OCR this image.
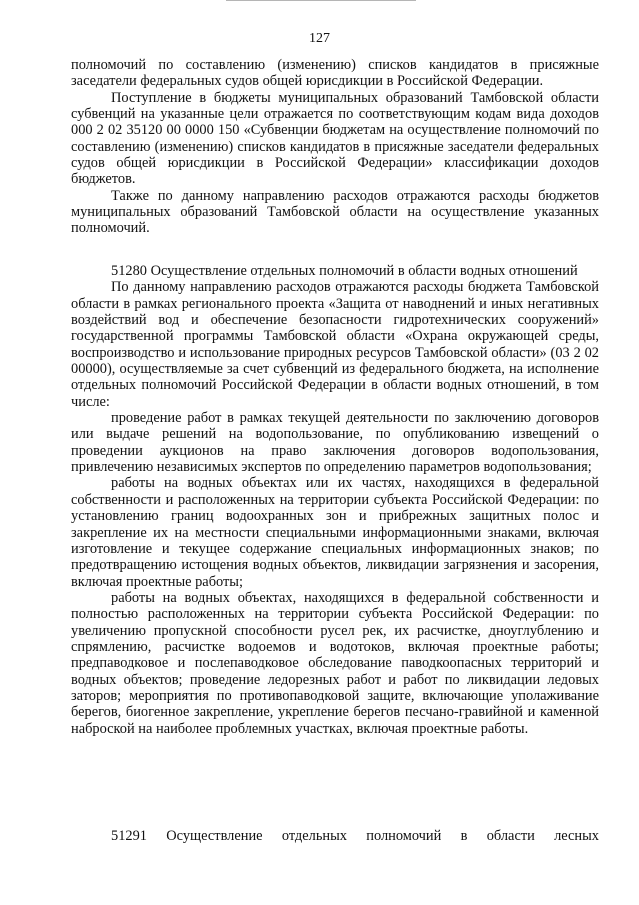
127

полномочий по составлению (изменению) списков кандидатов в присяжные заседатели федеральных судов общей юрисдикции в Российской Федерации.

Поступление в бюджеты муниципальных образований Тамбовской области субвенций на указанные цели отражается по соответствующим кодам вида доходов 000 2 02 35120 00 0000 150 «Субвенции бюджетам на осуществление полномочий по составлению (изменению) списков кандидатов в присяжные заседатели федеральных судов общей юрисдикции в Российской Федерации» классификации доходов бюджетов.

Также по данному направлению расходов отражаются расходы бюджетов муниципальных образований Тамбовской области на осуществление указанных полномочий.

51280 Осуществление отдельных полномочий в области водных отношений

По данному направлению расходов отражаются расходы бюджета Тамбовской области в рамках регионального проекта «Защита от наводнений и иных негативных воздействий вод и обеспечение безопасности гидротехнических сооружений» государственной программы Тамбовской области «Охрана окружающей среды, воспроизводство и использование природных ресурсов Тамбовской области» (03 2 02 00000), осуществляемые за счет субвенций из федерального бюджета, на исполнение отдельных полномочий Российской Федерации в области водных отношений, в том числе:

проведение работ в рамках текущей деятельности по заключению договоров или выдаче решений на водопользование, по опубликованию извещений о проведении аукционов на право заключения договоров водопользования, привлечению независимых экспертов по определению параметров водопользования;

работы на водных объектах или их частях, находящихся в федеральной собственности и расположенных на территории субъекта Российской Федерации: по установлению границ водоохранных зон и прибрежных защитных полос и закрепление их на местности специальными информационными знаками, включая изготовление и текущее содержание специальных информационных знаков; по предотвращению истощения водных объектов, ликвидации загрязнения и засорения, включая проектные работы;

работы на водных объектах, находящихся в федеральной собственности и полностью расположенных на территории субъекта Российской Федерации: по увеличению пропускной способности русел рек, их расчистке, дноуглублению и спрямлению, расчистке водоемов и водотоков, включая проектные работы; предпаводковое и послепаводковое обследование паводкоопасных территорий и водных объектов; проведение ледорезных работ и работ по ликвидации ледовых заторов; мероприятия по противопаводковой защите, включающие уполаживание берегов, биогенное закрепление, укрепление берегов песчано-гравийной и каменной наброской на наиболее проблемных участках, включая проектные работы.

51291 Осуществление отдельных полномочий в области лесных
